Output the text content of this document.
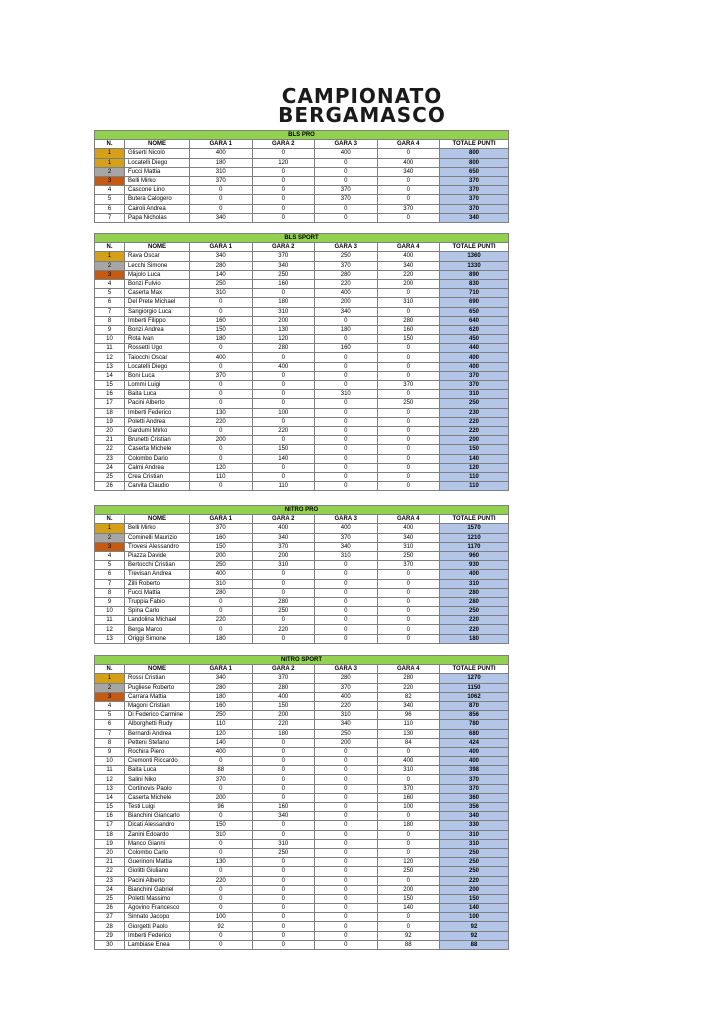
CAMPIONATO
BERGAMASCO
BLS PRO						
N.	NOME	GARA 1	GARA 2	GARA 3	GARA 4	TOTALE PUNTI
1	Gliserti Nicolò	400	0	400	0	800
1	Locatelli Diego	180	120	0	400	800
2	Fucci Mattia	310	0	0	340	650
3	Belli Mirko	370	0	0	0	370
4	Cascone Lino	0	0	370	0	370
5	Butera Calogero	0	0	370	0	370
6	Cairoli Andrea	0	0	0	370	370
7	Papa Nicholas	340	0	0	0	340
BLS SPORT						
N.	NOME	GARA 1	GARA 2	GARA 3	GARA 4	TOTALE PUNTI
1	Rava Oscar	340	370	250	400	1360
2	Lecchi Simone	280	340	370	340	1330
3	Majolo Luca	140	250	280	220	890
4	Bonzi Fulvio	250	160	220	200	830
5	Caserta Max	310	0	400	0	710
6	Del Prete Michael	0	180	200	310	690
7	Sangiorgio Luca	0	310	340	0	650
8	Imberti Filippo	160	200	0	280	640
9	Bonzi Andrea	150	130	180	160	620
10	Rota Ivan	180	120	0	150	450
11	Rossetti Ugo	0	280	160	0	440
12	Taiocchi Oscar	400	0	0	0	400
13	Locatelli Diego	0	400	0	0	400
14	Boni Luca	370	0	0	0	370
15	Lommi Luigi	0	0	0	370	370
16	Baita Luca	0	0	310	0	310
17	Pacini Alberto	0	0	0	250	250
18	Imberti Federico	130	100	0	0	230
19	Poletti Andrea	220	0	0	0	220
20	Gardumi Mirko	0	220	0	0	220
21	Brunetti Cristian	200	0	0	0	200
22	Caserta Michele	0	150	0	0	150
23	Colombo Dario	0	140	0	0	140
24	Calmi Andrea	120	0	0	0	120
25	Crea Cristian	110	0	0	0	110
26	Carvita Claudio	0	110	0	0	110
NITRO PRO						
N.	NOME	GARA 1	GARA 2	GARA 3	GARA 4	TOTALE PUNTI
1	Belli Mirko	370	400	400	400	1570
2	Cominelli Maurizio	160	340	370	340	1210
3	Trovesi Alessandro	150	370	340	310	1170
4	Piazza Davide	200	200	310	250	960
5	Bertocchi Cristian	250	310	0	370	930
6	Trevisan Andrea	400	0	0	0	400
7	Zilli Roberto	310	0	0	0	310
8	Fucci Mattia	280	0	0	0	280
9	Truppia Fabio	0	280	0	0	280
10	Spina Carlo	0	250	0	0	250
11	Landolina Michael	220	0	0	0	220
12	Berga Marco	0	220	0	0	220
13	Origgi Simone	180	0	0	0	180
NITRO SPORT						
N.	NOME	GARA 1	GARA 2	GARA 3	GARA 4	TOTALE PUNTI
1	Rossi Cristian	340	370	280	280	1270
2	Pugliese Roberto	280	280	370	220	1150
3	Carrara Mattia	180	400	400	82	1062
4	Magoni Cristian	160	150	220	340	870
5	Di Federico Carmine	250	200	310	96	856
6	Alborghetti Rudy	110	220	340	110	780
7	Bernardi Andrea	120	180	250	130	680
8	Petteni Stefano	140	0	200	84	424
9	Rochira Piero	400	0	0	0	400
10	Cremonti Riccardo	0	0	0	400	400
11	Baita Luca	88	0	0	310	398
12	Salini Niko	370	0	0	0	370
13	Cortinovis Paolo	0	0	0	370	370
14	Caserta Michele	200	0	0	160	360
15	Testi Luigi	96	160	0	100	356
16	Bianchini Giancarlo	0	340	0	0	340
17	Dicati Alessandro	150	0	0	180	330
18	Zanini Edoardo	310	0	0	0	310
19	Manco Gianni	0	310	0	0	310
20	Colombo Carlo	0	250	0	0	250
21	Guerinoni Mattia	130	0	0	120	250
22	Giolitti Giuliano	0	0	0	250	250
23	Pacini Alberto	220	0	0	0	220
24	Bianchini Gabriel	0	0	0	200	200
25	Poletti Massimo	0	0	0	150	150
26	Agovino Francesco	0	0	0	140	140
27	Sinnato Jacopo	100	0	0	0	100
28	Giorgetti Paolo	92	0	0	0	92
29	Imberti Federico	0	0	0	92	92
30	Lambiase Enea	0	0	0	88	88
